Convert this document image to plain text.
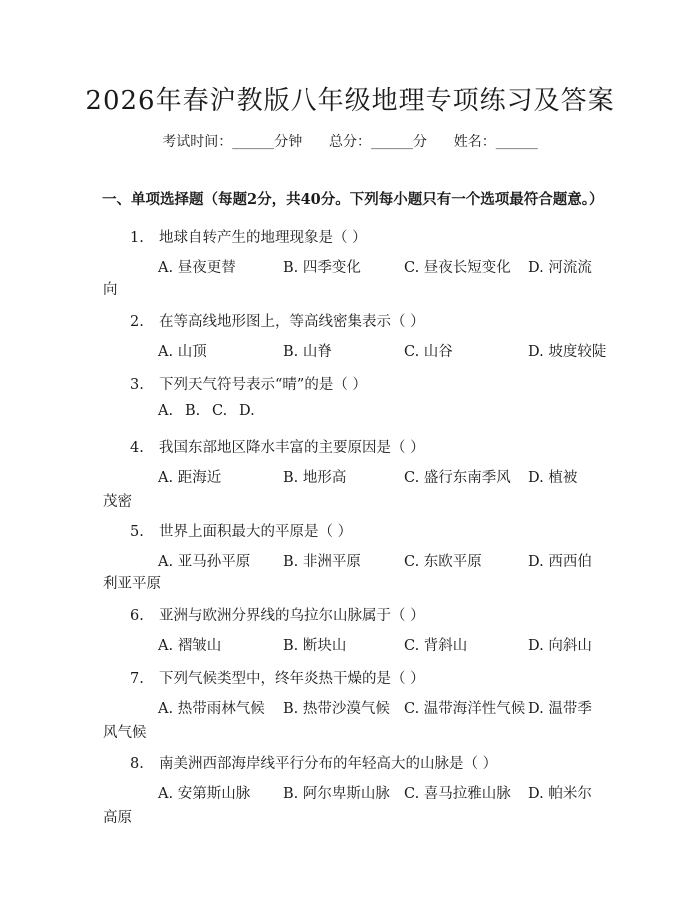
2026年春沪教版八年级地理专项练习及答案
考试时间：______分钟      总分：______分      姓名：______
一、单项选择题（每题2分，共40分。下列每小题只有一个选项最符合题意。）
1. 地球自转产生的地理现象是（ ）
A. 昼夜更替	B. 四季变化	C. 昼夜长短变化 D. 河流流
向
2. 在等高线地形图上，等高线密集表示（ ）
A. 山顶	B. 山脊	C. 山谷	D. 坡度较陡
3. 下列天气符号表示“晴”的是（ ）
A. B. C. D.
4. 我国东部地区降水丰富的主要原因是（ ）
A. 距海近	B. 地形高	C. 盛行东南季风 D. 植被
茂密
5. 世界上面积最大的平原是（ ）
A. 亚马孙平原 B. 非洲平原	C. 东欧平原	D. 西西伯
利亚平原
6. 亚洲与欧洲分界线的乌拉尔山脉属于（ ）
A. 褶皱山	B. 断块山	C. 背斜山	D. 向斜山
7. 下列气候类型中，终年炎热干燥的是（ ）
A. 热带雨林气候 B. 热带沙漠气候 C. 温带海洋性气候 D. 温带季
风气候
8. 南美洲西部海岸线平行分布的年轻高大的山脉是（ ）
A. 安第斯山脉 B. 阿尔卑斯山脉 C. 喜马拉雅山脉 D. 帕米尔
高原
